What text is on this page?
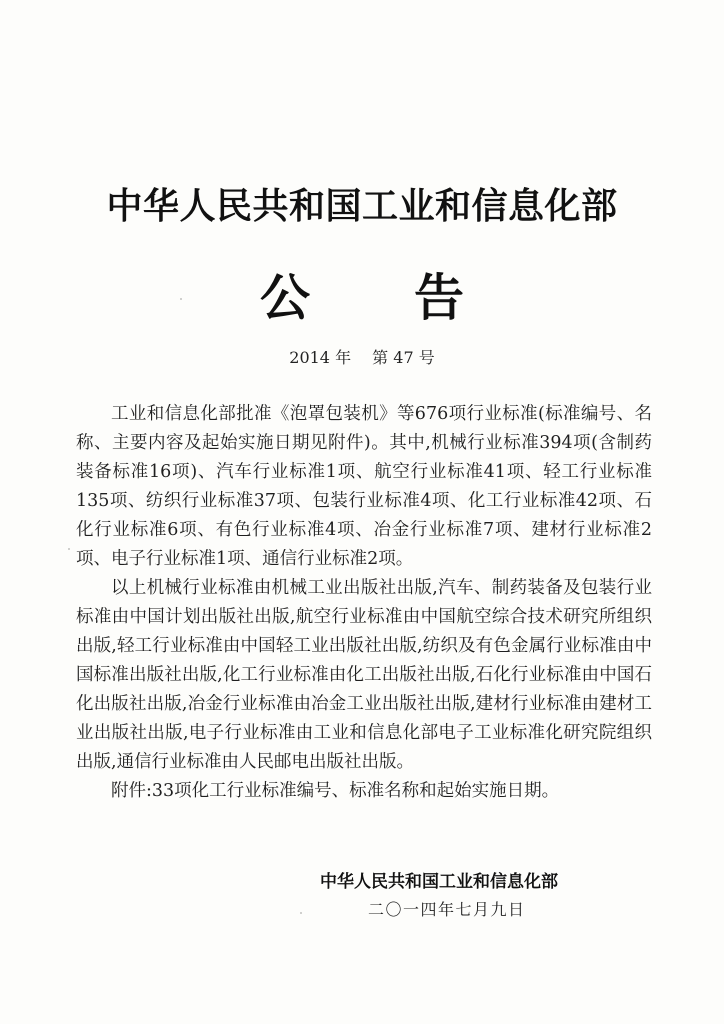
中华人民共和国工业和信息化部
公告
2014 年 第 47 号

工业和信息化部批准《泡罩包装机》等676项行业标准(标准编号、名称、主要内容及起始实施日期见附件)。其中,机械行业标准394项(含制药装备标准16项)、汽车行业标准1项、航空行业标准41项、轻工行业标准135项、纺织行业标准37项、包装行业标准4项、化工行业标准42项、石化行业标准6项、有色行业标准4项、冶金行业标准7项、建材行业标准2项、电子行业标准1项、通信行业标准2项。

以上机械行业标准由机械工业出版社出版,汽车、制药装备及包装行业标准由中国计划出版社出版,航空行业标准由中国航空综合技术研究所组织出版,轻工行业标准由中国轻工业出版社出版,纺织及有色金属行业标准由中国标准出版社出版,化工行业标准由化工出版社出版,石化行业标准由中国石化出版社出版,冶金行业标准由冶金工业出版社出版,建材行业标准由建材工业出版社出版,电子行业标准由工业和信息化部电子工业标准化研究院组织出版,通信行业标准由人民邮电出版社出版。

附件:33项化工行业标准编号、标准名称和起始实施日期。

中华人民共和国工业和信息化部
二〇一四年七月九日
